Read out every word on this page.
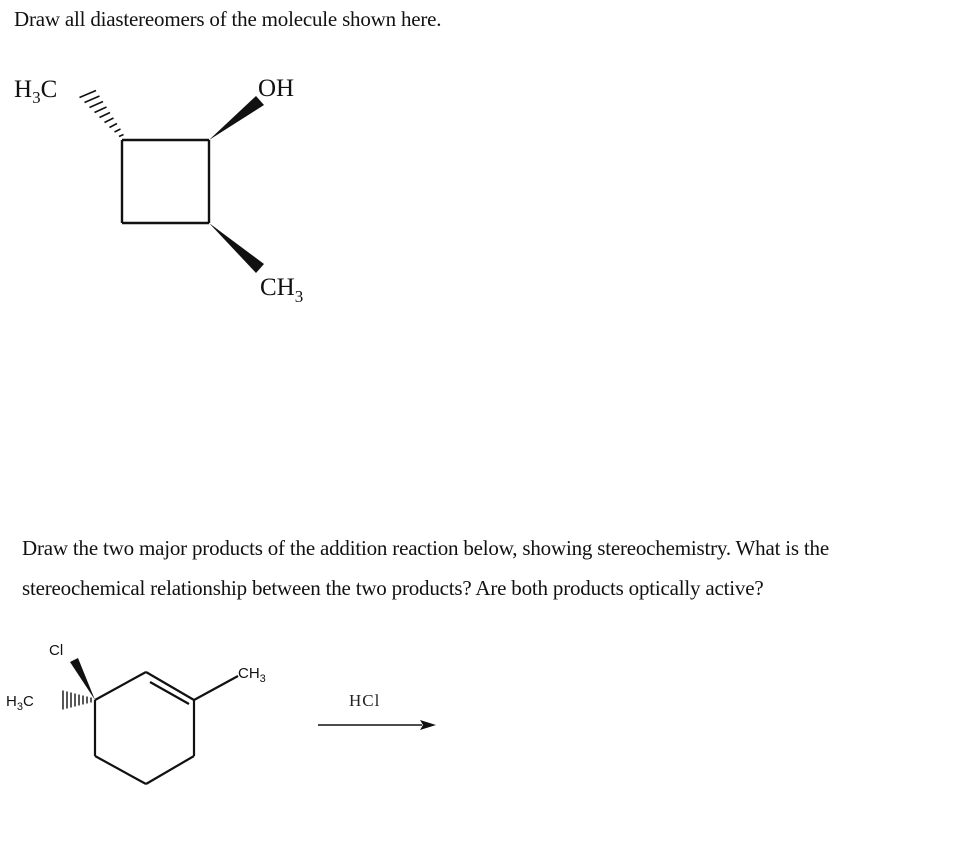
Draw all diastereomers of the molecule shown here.
H3C	OH
CH3
Cl
$H_3C$
$CH_3$
HCl
Draw the two major products of the addition reaction below, showing stereochemistry. What is the
stereochemical relationship between the two products? Are both products optically active?
